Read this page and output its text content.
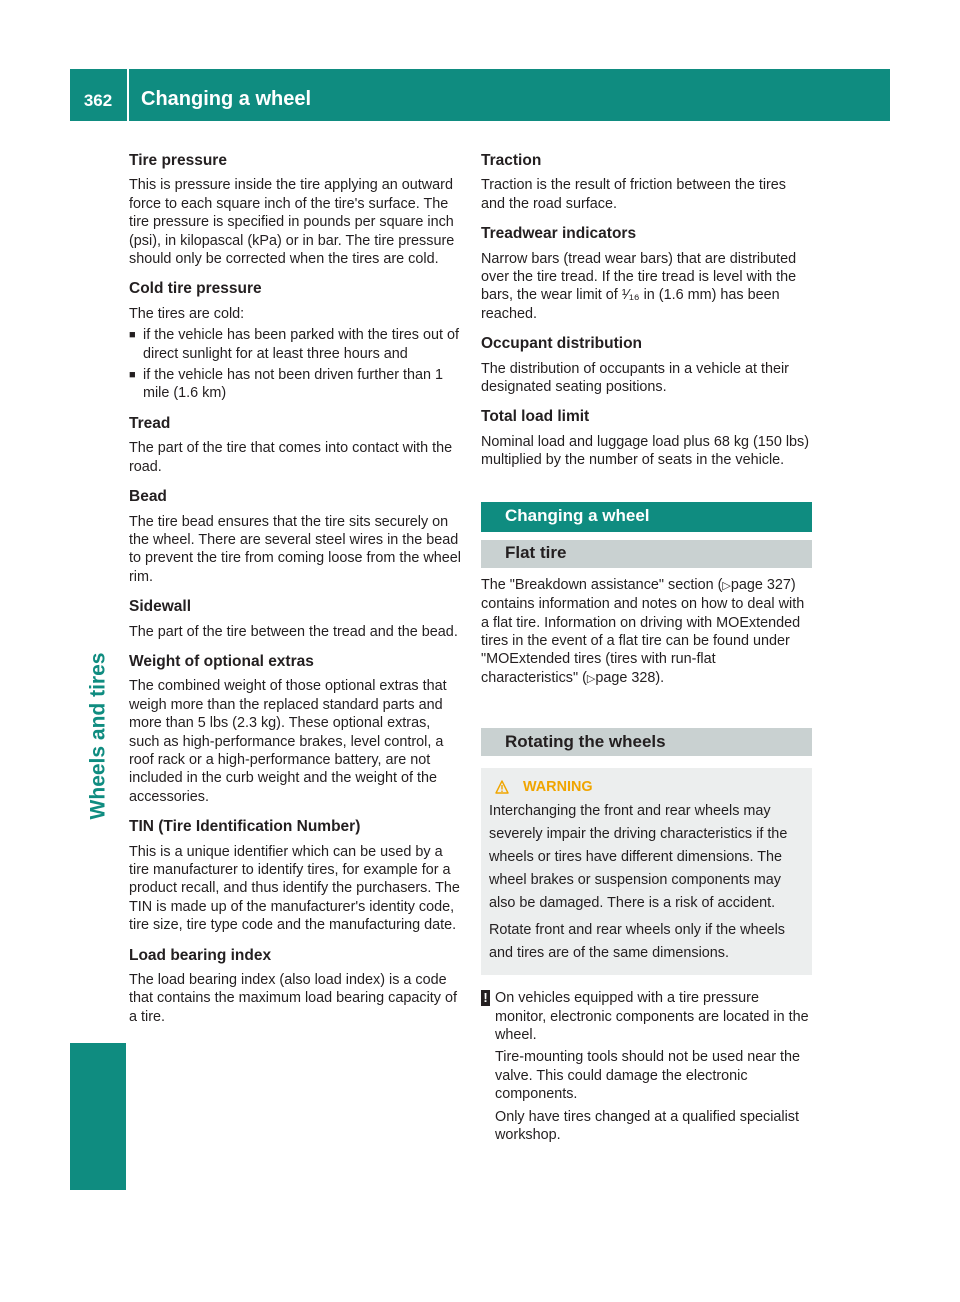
362	Changing a wheel
Wheels and tires
Tire pressure

This is pressure inside the tire applying an outward force to each square inch of the tire's surface. The tire pressure is specified in pounds per square inch (psi), in kilopascal (kPa) or in bar. The tire pressure should only be corrected when the tires are cold.

Cold tire pressure

The tires are cold:

■ if the vehicle has been parked with the tires out of direct sunlight for at least three hours and
■ if the vehicle has not been driven further than 1 mile (1.6 km)
Tread

The part of the tire that comes into contact with the road.

Bead

The tire bead ensures that the tire sits securely on the wheel. There are several steel wires in the bead to prevent the tire from coming loose from the wheel rim.

Sidewall

The part of the tire between the tread and the bead.

Weight of optional extras

The combined weight of those optional extras that weigh more than the replaced standard parts and more than 5 lbs (2.3 kg). These optional extras, such as high-performance brakes, level control, a roof rack or a high-performance battery, are not included in the curb weight and the weight of the accessories.

TIN (Tire Identification Number)

This is a unique identifier which can be used by a tire manufacturer to identify tires, for example for a product recall, and thus identify the purchasers. The TIN is made up of the manufacturer's identity code, tire size, tire type code and the manufacturing date.

Load bearing index

The load bearing index (also load index) is a code that contains the maximum load bearing capacity of a tire.

Traction

Traction is the result of friction between the tires and the road surface.

Treadwear indicators

Narrow bars (tread wear bars) that are distributed over the tire tread. If the tire tread is level with the bars, the wear limit of ¹⁄₁₆ in (1.6 mm) has been reached.

Occupant distribution

The distribution of occupants in a vehicle at their designated seating positions.

Total load limit

Nominal load and luggage load plus 68 kg (150 lbs) multiplied by the number of seats in the vehicle.

Changing a wheel
Flat tire

The "Breakdown assistance" section (▷page 327) contains information and notes on how to deal with a flat tire. Information on driving with MOExtended tires in the event of a flat tire can be found under "MOExtended tires (tires with run-flat characteristics" (▷page 328).

Rotating the wheels
WARNING

Interchanging the front and rear wheels may severely impair the driving characteristics if the wheels or tires have different dimensions. The wheel brakes or suspension components may also be damaged. There is a risk of accident.

Rotate front and rear wheels only if the wheels and tires are of the same dimensions.

! On vehicles equipped with a tire pressure monitor, electronic components are located in the wheel.

Tire-mounting tools should not be used near the valve. This could damage the electronic components.

Only have tires changed at a qualified specialist workshop.
